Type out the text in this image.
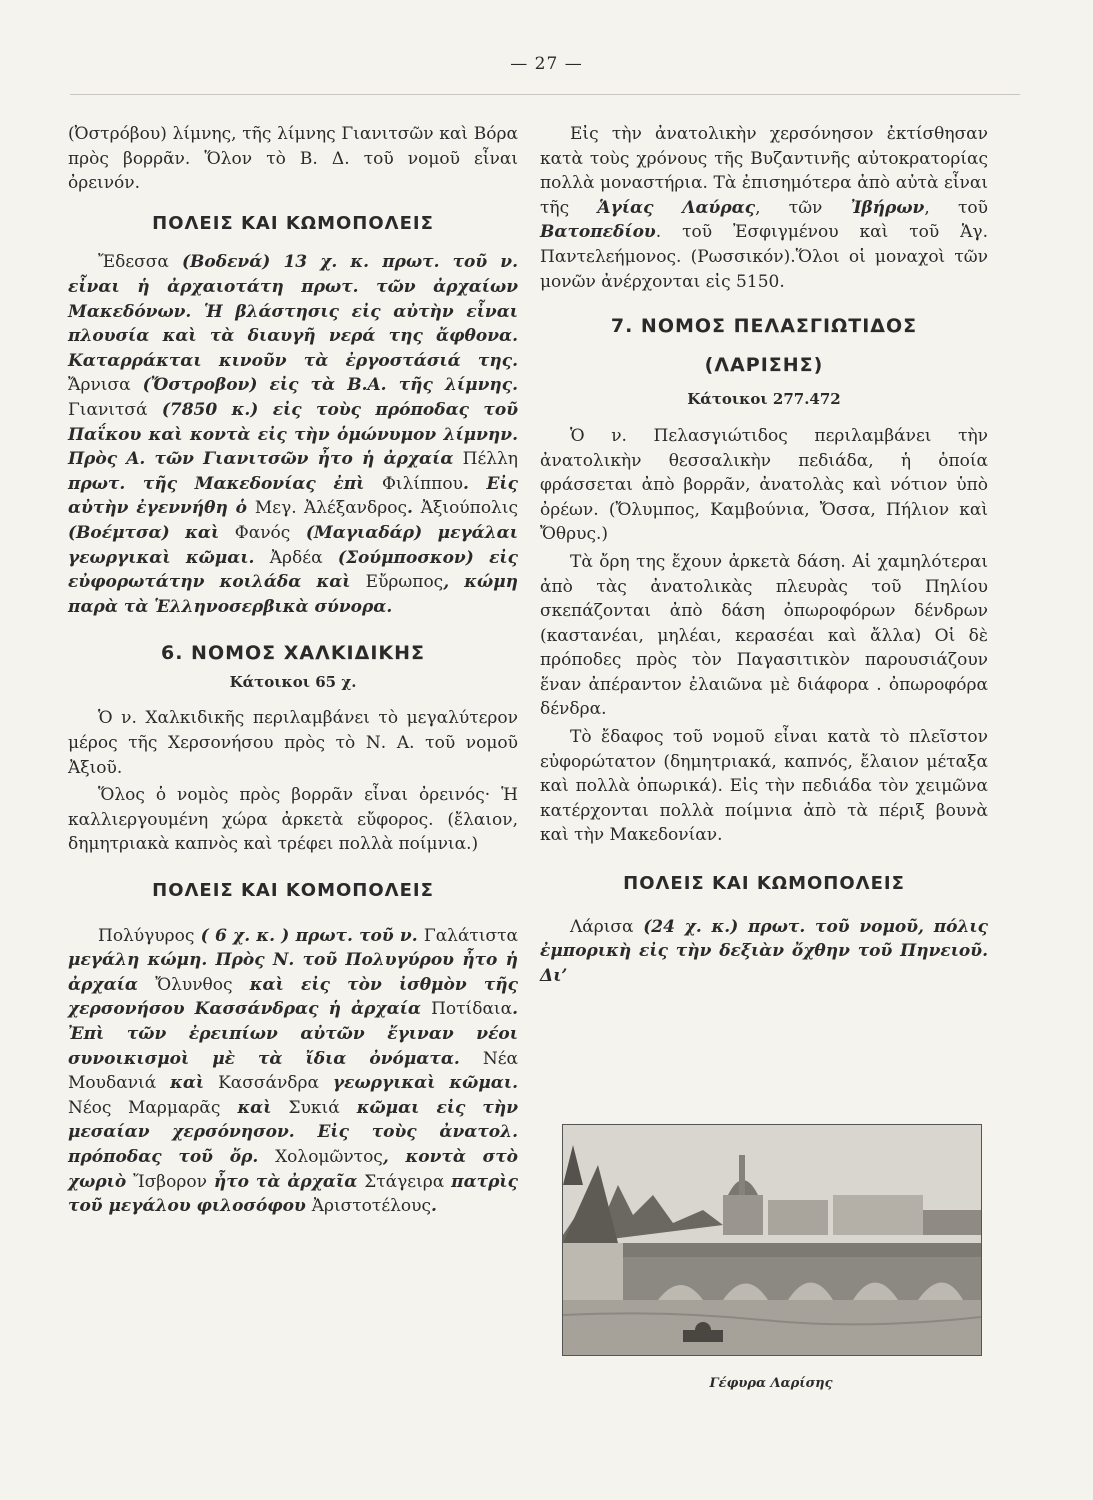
— 27 —

(Ὀστρόβου) λίμνης, τῆς λίμνης Γιανιτσῶν καὶ Βόρα πρὸς βορρᾶν. Ὅλον τὸ Β. Δ. τοῦ νομοῦ εἶναι ὀρεινόν.

ΠΟΛΕΙΣ ΚΑΙ ΚΩΜΟΠΟΛΕΙΣ

Ἔδεσσα (Βοδενά) 13 χ. κ. πρωτ. τοῦ ν. εἶναι ἡ ἀρχαιοτάτη πρωτ. τῶν ἀρχαίων Μακεδόνων. Ἡ βλάστησις εἰς αὐτὴν εἶναι πλουσία καὶ τὰ διαυγῆ νερά της ἄφθονα. Καταρράκται κινοῦν τὰ ἐργοστάσιά της. Ἄρνισα (Ὄστροβον) εἰς τὰ Β.Α. τῆς λίμνης. Γιανιτσά (7850 κ.) εἰς τοὺς πρόποδας τοῦ Παΐκου καὶ κοντὰ εἰς τὴν ὁμώνυμον λίμνην. Πρὸς Α. τῶν Γιανιτσῶν ἦτο ἡ ἀρχαία Πέλλη πρωτ. τῆς Μακεδονίας ἐπὶ Φιλίππου. Εἰς αὐτὴν ἐγεννήθη ὁ Μεγ. Ἀλέξανδρος. Ἀξιούπολις (Βοέμτσα) καὶ Φανός (Μαγιαδάρ) μεγάλαι γεωργικαὶ κῶμαι. Ἀρδέα (Σούμποσκον) εἰς εὐφορωτάτην κοιλάδα καὶ Εὔρωπος, κώμη παρὰ τὰ Ἑλληνοσερβικὰ σύνορα.

6. ΝΟΜΟΣ ΧΑΛΚΙΔΙΚΗΣ
Κάτοικοι 65 χ.

Ὁ ν. Χαλκιδικῆς περιλαμβάνει τὸ μεγαλύτερον μέρος τῆς Χερσονήσου πρὸς τὸ Ν. Α. τοῦ νομοῦ Ἀξιοῦ.

Ὅλος ὁ νομὸς πρὸς βορρᾶν εἶναι ὀρεινός· Ἡ καλλιεργουμένη χώρα ἀρκετὰ εὔφορος. (ἔλαιον, δημητριακὰ καπνὸς καὶ τρέφει πολλὰ ποίμνια.)

ΠΟΛΕΙΣ ΚΑΙ ΚΟΜΟΠΟΛΕΙΣ

Πολύγυρος ( 6 χ. κ. ) πρωτ. τοῦ ν. Γαλάτιστα μεγάλη κώμη. Πρὸς Ν. τοῦ Πολυγύρου ἦτο ἡ ἀρχαία Ὄλυνθος καὶ εἰς τὸν ἰσθμὸν τῆς χερσονήσου Κασσάνδρας ἡ ἀρχαία Ποτίδαια. Ἐπὶ τῶν ἐρειπίων αὐτῶν ἔγιναν νέοι συνοικισμοὶ μὲ τὰ ἴδια ὀνόματα. Νέα Μουδανιά καὶ Κασσάνδρα γεωργικαὶ κῶμαι. Νέος Μαρμαρᾶς καὶ Συκιά κῶμαι εἰς τὴν μεσαίαν χερσόνησον. Εἰς τοὺς ἀνατολ. πρόποδας τοῦ ὄρ. Χολομῶντος, κοντὰ στὸ χωριὸ Ἴσβορον ἦτο τὰ ἀρχαῖα Στάγειρα πατρὶς τοῦ μεγάλου φιλοσόφου Ἀριστοτέλους.

Εἰς τὴν ἀνατολικὴν χερσόνησον ἐκτίσθησαν κατὰ τοὺς χρόνους τῆς Βυζαντινῆς αὐτοκρατορίας πολλὰ μοναστήρια. Τὰ ἐπισημότερα ἀπὸ αὐτὰ εἶναι τῆς Ἁγίας Λαύρας, τῶν Ἰβήρων, τοῦ Βατοπεδίου. τοῦ Ἐσφιγμένου καὶ τοῦ Ἁγ. Παντελεήμονος. (Ρωσσικόν).Ὅλοι οἱ μοναχοὶ τῶν μονῶν ἀνέρχονται εἰς 5150.

7. ΝΟΜΟΣ ΠΕΛΑΣΓΙΩΤΙΔΟΣ
(ΛΑΡΙΣΗΣ)
Κάτοικοι 277.472

Ὁ ν. Πελασγιώτιδος περιλαμβάνει τὴν ἀνατολικὴν θεσσαλικὴν πεδιάδα, ἡ ὁποία φράσσεται ἀπὸ βορρᾶν, ἀνατολὰς καὶ νότιον ὑπὸ ὀρέων. (Ὄλυμπος, Καμβούνια, Ὄσσα, Πήλιον καὶ Ὄθρυς.)

Τὰ ὄρη της ἔχουν ἀρκετὰ δάση. Αἱ χαμηλότεραι ἀπὸ τὰς ἀνατολικὰς πλευρὰς τοῦ Πηλίου σκεπάζονται ἀπὸ δάση ὀπωροφόρων δένδρων (καστανέαι, μηλέαι, κερασέαι καὶ ἄλλα) Οἱ δὲ πρόποδες πρὸς τὸν Παγασιτικὸν παρουσιάζουν ἕναν ἀπέραντον ἐλαιῶνα μὲ διάφορα . ὀπωροφόρα δένδρα.

Τὸ ἔδαφος τοῦ νομοῦ εἶναι κατὰ τὸ πλεῖστον εὐφορώτατον (δημητριακά, καπνός, ἔλαιον μέταξα καὶ πολλὰ ὀπωρικά). Εἰς τὴν πεδιάδα τὸν χειμῶνα κατέρχονται πολλὰ ποίμνια ἀπὸ τὰ πέριξ βουνὰ καὶ τὴν Μακεδονίαν.

ΠΟΛΕΙΣ ΚΑΙ ΚΩΜΟΠΟΛΕΙΣ

Λάρισα (24 χ. κ.) πρωτ. τοῦ νομοῦ, πόλις ἐμπορικὴ εἰς τὴν δεξιὰν ὄχθην τοῦ Πηνειοῦ. Δι’

Γέφυρα Λαρίσης
